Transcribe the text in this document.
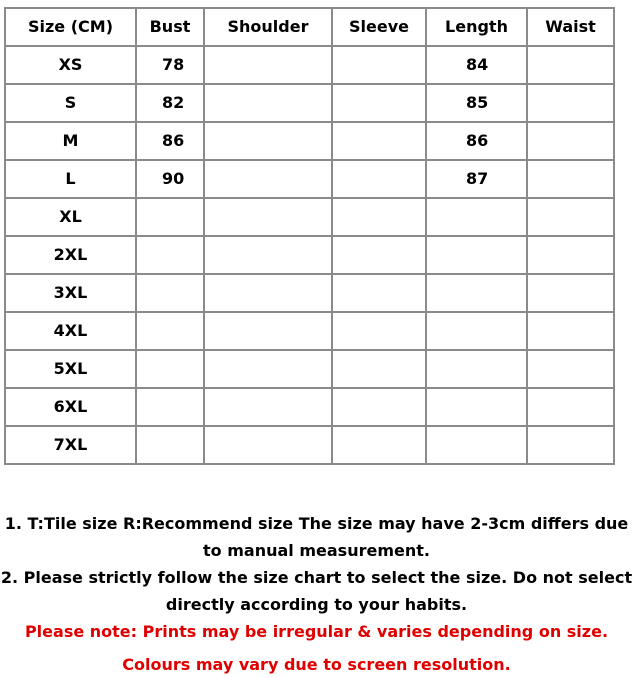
Size (CM)	Bust	Shoulder	Sleeve	Length	Waist
XS	78			84	
S	82			85	
M	86			86	
L	90			87	
XL					
2XL					
3XL					
4XL					
5XL					
6XL					
7XL					
1. T:Tile size R:Recommend size The size may have 2-3cm differs due
to manual measurement.
2. Please strictly follow the size chart to select the size. Do not select
directly according to your habits.
Please note: Prints may be irregular & varies depending on size.
Colours may vary due to screen resolution.
